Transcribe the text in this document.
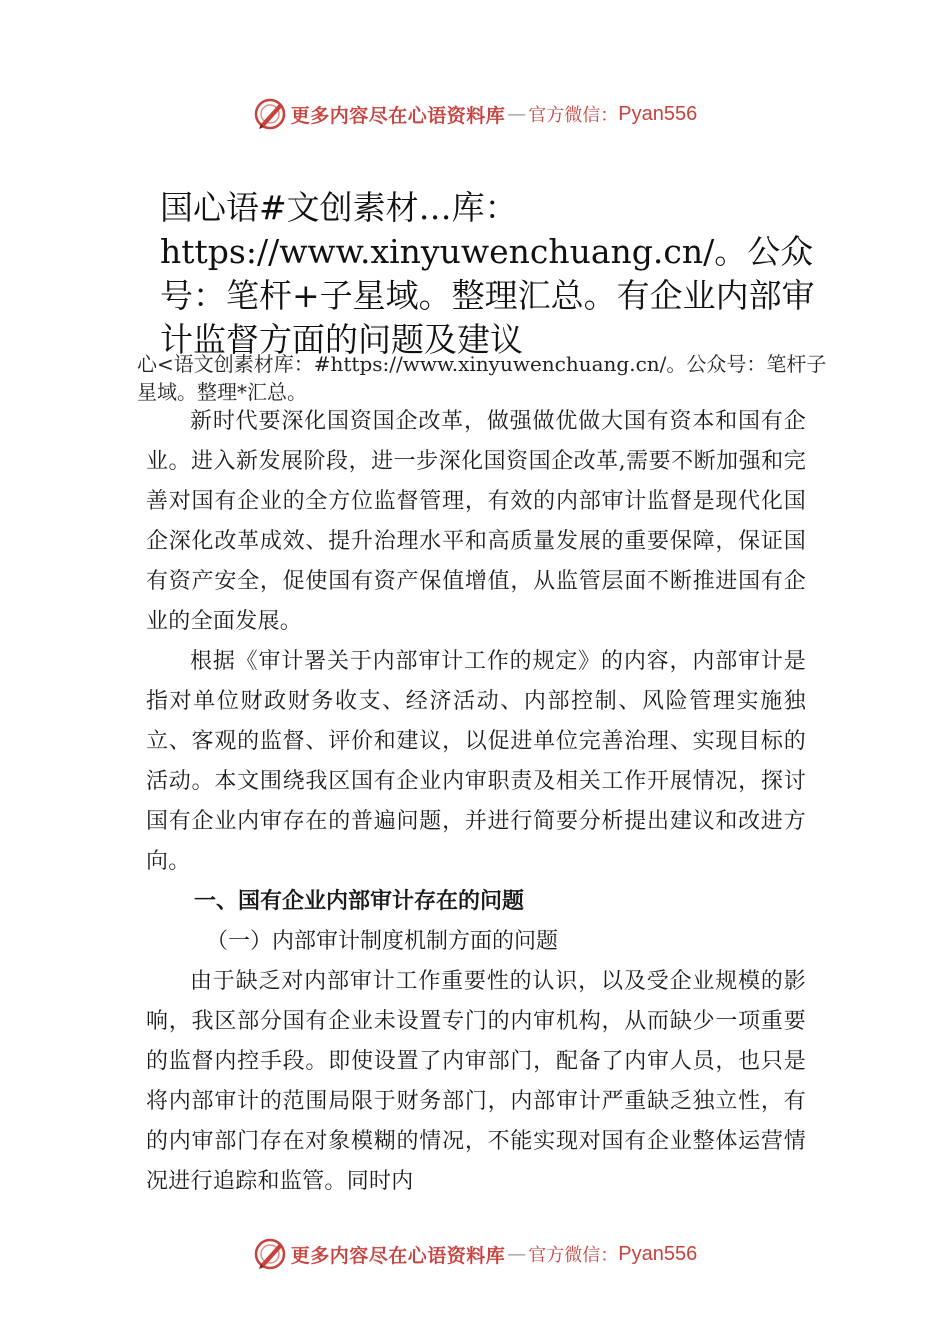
更多内容尽在心语资料库 — 官方微信： Pyan556
国心语#文创素材…库：https://www.xinyuwenchuang.cn/。公众号：笔杆+子星域。整理汇总。有企业内部审计监督方面的问题及建议

心<语文创素材库：#https://www.xinyuwenchuang.cn/。公众号：笔杆子星域。整理*汇总。

新时代要深化国资国企改革，做强做优做大国有资本和国有企业。进入新发展阶段，进一步深化国资国企改革,需要不断加强和完善对国有企业的全方位监督管理，有效的内部审计监督是现代化国企深化改革成效、提升治理水平和高质量发展的重要保障，保证国有资产安全，促使国有资产保值增值，从监管层面不断推进国有企业的全面发展。

根据《审计署关于内部审计工作的规定》的内容，内部审计是指对单位财政财务收支、经济活动、内部控制、风险管理实施独立、客观的监督、评价和建议，以促进单位完善治理、实现目标的活动。本文围绕我区国有企业内审职责及相关工作开展情况，探讨国有企业内审存在的普遍问题，并进行简要分析提出建议和改进方向。

一、国有企业内部审计存在的问题

（一）内部审计制度机制方面的问题

由于缺乏对内部审计工作重要性的认识，以及受企业规模的影响，我区部分国有企业未设置专门的内审机构，从而缺少一项重要的监督内控手段。即使设置了内审部门，配备了内审人员，也只是将内部审计的范围局限于财务部门，内部审计严重缺乏独立性，有的内审部门存在对象模糊的情况，不能实现对国有企业整体运营情况进行追踪和监管。同时内

更多内容尽在心语资料库 — 官方微信： Pyan556
